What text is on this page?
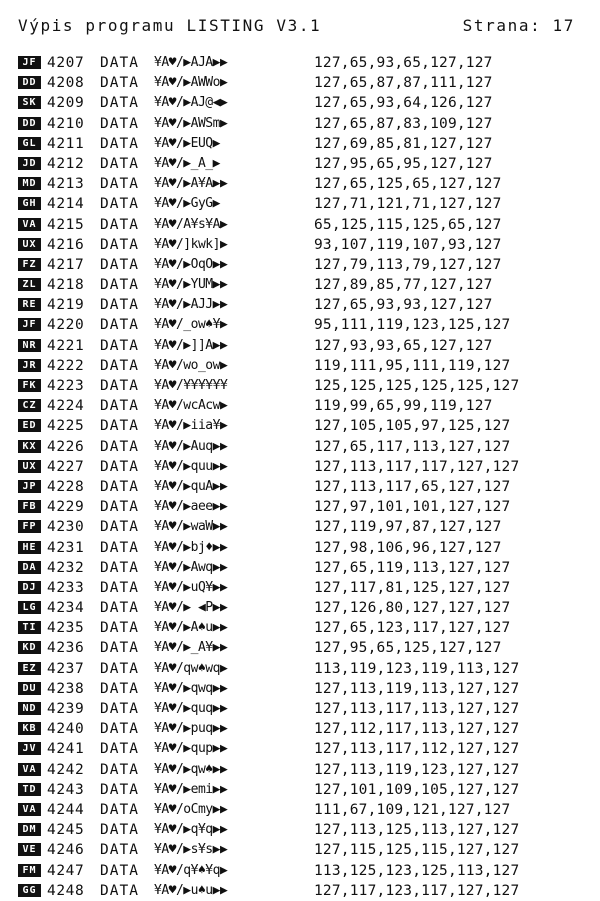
Výpis programu LISTING V3.1	Strana: 17
JF 4207 DATA ¥A♥/▶AJA▶▶	127,65,93,65,127,127
DD 4208 DATA ¥A♥/▶AWWo▶	127,65,87,87,111,127
SK 4209 DATA ¥A♥/▶AJ@◀▶	127,65,93,64,126,127
DD 4210 DATA ¥A♥/▶AWSm▶	127,65,87,83,109,127
GL 4211 DATA ¥A♥/▶EUQ▶	127,69,85,81,127,127
JD 4212 DATA ¥A♥/▶_A_▶	127,95,65,95,127,127
MD 4213 DATA ¥A♥/▶A¥A▶▶	127,65,125,65,127,127
GH 4214 DATA ¥A♥/▶GyG▶	127,71,121,71,127,127
VA 4215 DATA ¥A♥/A¥s¥A▶	65,125,115,125,65,127
UX 4216 DATA ¥A♥/]kwk]▶	93,107,119,107,93,127
FZ 4217 DATA ¥A♥/▶OqO▶▶	127,79,113,79,127,127
ZL 4218 DATA ¥A♥/▶YUM▶▶	127,89,85,77,127,127
RE 4219 DATA ¥A♥/▶AJJ▶▶	127,65,93,93,127,127
JF 4220 DATA ¥A♥/_ow♠¥▶	95,111,119,123,125,127
NR 4221 DATA ¥A♥/▶]]A▶▶	127,93,93,65,127,127
JR 4222 DATA ¥A♥/wo_ow▶	119,111,95,111,119,127
FK 4223 DATA ¥A♥/¥¥¥¥¥¥	125,125,125,125,125,127
CZ 4224 DATA ¥A♥/wcAcw▶	119,99,65,99,119,127
ED 4225 DATA ¥A♥/▶iia¥▶	127,105,105,97,125,127
KX 4226 DATA ¥A♥/▶Auq▶▶	127,65,117,113,127,127
UX 4227 DATA ¥A♥/▶quu▶▶	127,113,117,117,127,127
JP 4228 DATA ¥A♥/▶quA▶▶	127,113,117,65,127,127
FB 4229 DATA ¥A♥/▶aee▶▶	127,97,101,101,127,127
FP 4230 DATA ¥A♥/▶waW▶▶	127,119,97,87,127,127
HE 4231 DATA ¥A♥/▶bj♦▶▶	127,98,106,96,127,127
DA 4232 DATA ¥A♥/▶Awq▶▶	127,65,119,113,127,127
DJ 4233 DATA ¥A♥/▶uQ¥▶▶	127,117,81,125,127,127
LG 4234 DATA ¥A♥/▶ ◀P▶▶	127,126,80,127,127,127
TI 4235 DATA ¥A♥/▶A♠u▶▶	127,65,123,117,127,127
KD 4236 DATA ¥A♥/▶_A¥▶▶	127,95,65,125,127,127
EZ 4237 DATA ¥A♥/qw♠wq▶	113,119,123,119,113,127
DU 4238 DATA ¥A♥/▶qwq▶▶	127,113,119,113,127,127
ND 4239 DATA ¥A♥/▶quq▶▶	127,113,117,113,127,127
KB 4240 DATA ¥A♥/▶puq▶▶	127,112,117,113,127,127
JV 4241 DATA ¥A♥/▶qup▶▶	127,113,117,112,127,127
VA 4242 DATA ¥A♥/▶qw♠▶▶	127,113,119,123,127,127
TD 4243 DATA ¥A♥/▶emi▶▶	127,101,109,105,127,127
VA 4244 DATA ¥A♥/oCmy▶▶	111,67,109,121,127,127
DM 4245 DATA ¥A♥/▶q¥q▶▶	127,113,125,113,127,127
VE 4246 DATA ¥A♥/▶s¥s▶▶	127,115,125,115,127,127
FM 4247 DATA ¥A♥/q¥♠¥q▶	113,125,123,125,113,127
GG 4248 DATA ¥A♥/▶u♠u▶▶	127,117,123,117,127,127
